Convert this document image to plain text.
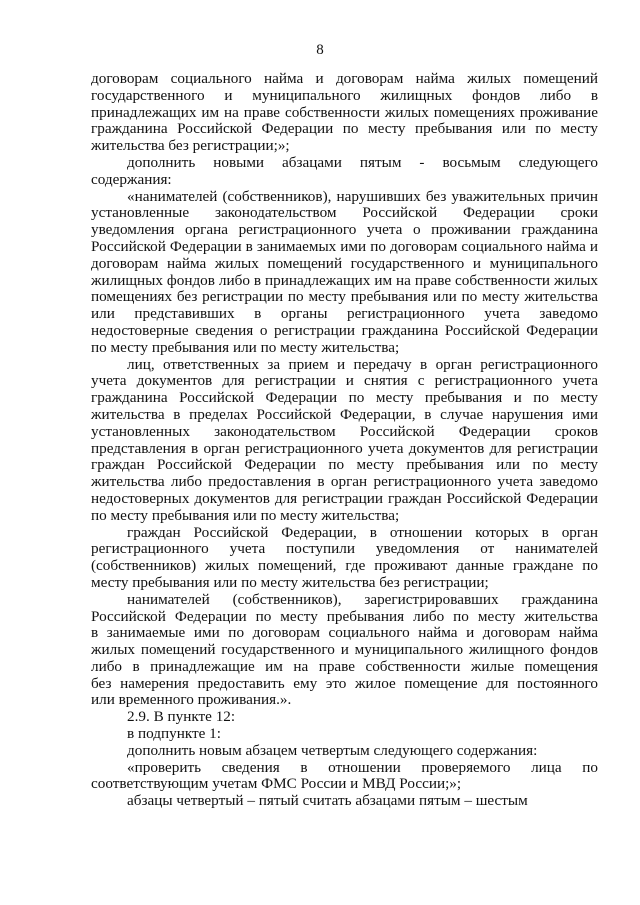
8
договорам социального найма и договорам найма жилых помещений
государственного и муниципального жилищных фондов либо в
принадлежащих им на праве собственности жилых помещениях проживание
гражданина Российской Федерации по месту пребывания или по месту
жительства без регистрации;»;
дополнить новыми абзацами пятым - восьмым следующего
содержания:
«нанимателей (собственников), нарушивших без уважительных причин
установленные законодательством Российской Федерации сроки
уведомления органа регистрационного учета о проживании гражданина
Российской Федерации в занимаемых ими по договорам социального найма и
договорам найма жилых помещений государственного и муниципального
жилищных фондов либо в принадлежащих им на праве собственности жилых
помещениях без регистрации по месту пребывания или по месту жительства
или представивших в органы регистрационного учета заведомо
недостоверные сведения о регистрации гражданина Российской Федерации
по месту пребывания или по месту жительства;
лиц, ответственных за прием и передачу в орган регистрационного
учета документов для регистрации и снятия с регистрационного учета
гражданина Российской Федерации по месту пребывания и по месту
жительства в пределах Российской Федерации, в случае нарушения ими
установленных законодательством Российской Федерации сроков
представления в орган регистрационного учета документов для регистрации
граждан Российской Федерации по месту пребывания или по месту
жительства либо предоставления в орган регистрационного учета заведомо
недостоверных документов для регистрации граждан Российской Федерации
по месту пребывания или по месту жительства;
граждан Российской Федерации, в отношении которых в орган
регистрационного учета поступили уведомления от нанимателей
(собственников) жилых помещений, где проживают данные граждане по
месту пребывания или по месту жительства без регистрации;
нанимателей (собственников), зарегистрировавших гражданина
Российской Федерации по месту пребывания либо по месту жительства
в занимаемые ими по договорам социального найма и договорам найма
жилых помещений государственного и муниципального жилищного фондов
либо в принадлежащие им на праве собственности жилые помещения
без намерения предоставить ему это жилое помещение для постоянного
или временного проживания.».
2.9. В пункте 12:
в подпункте 1:
дополнить новым абзацем четвертым следующего содержания:
«проверить сведения в отношении проверяемого лица по
соответствующим учетам ФМС России и МВД России;»;
абзацы четвертый – пятый считать абзацами пятым – шестым
